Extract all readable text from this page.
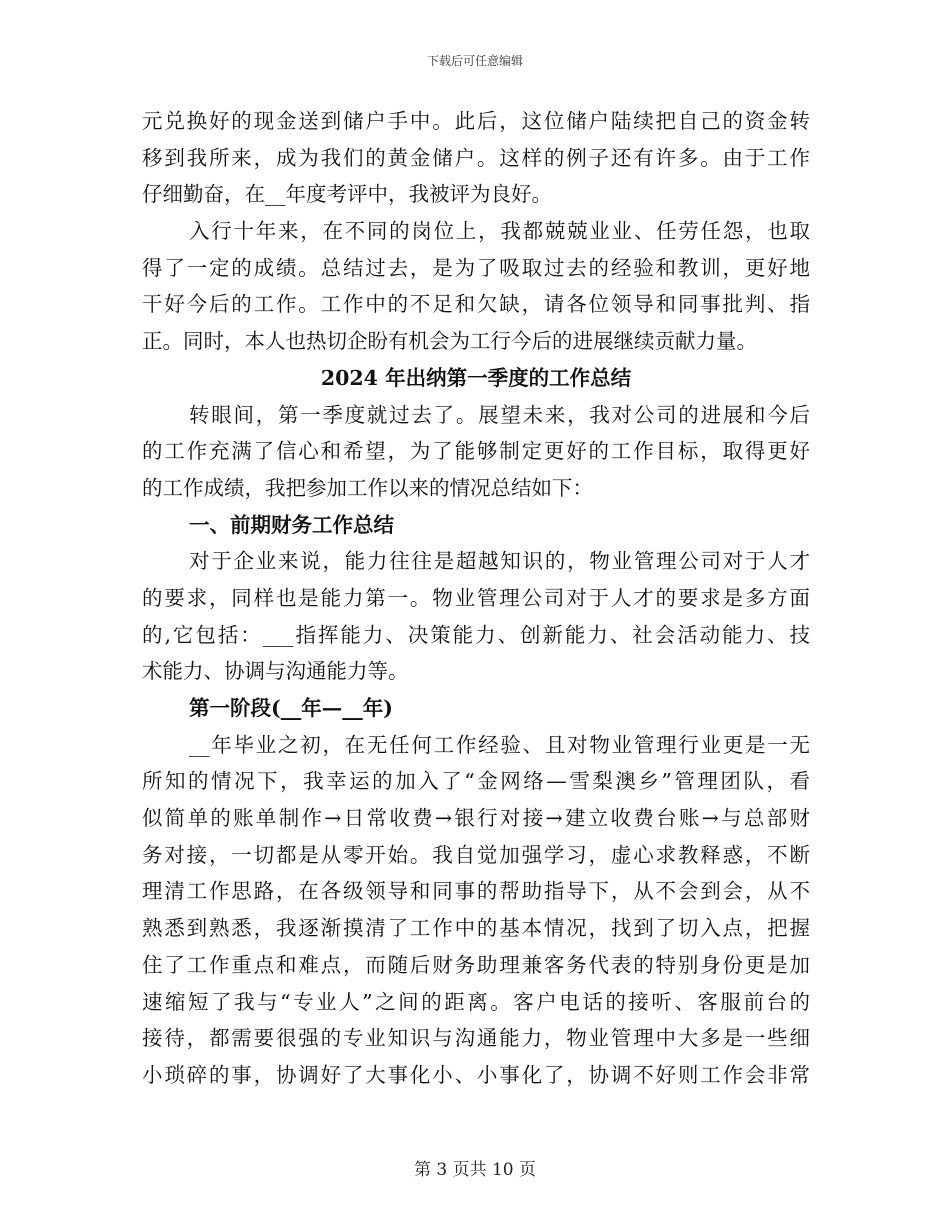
下载后可任意编辑
元兑换好的现金送到储户手中。此后，这位储户陆续把自己的资金转
移到我所来，成为我们的黄金储户。这样的例子还有许多。由于工作
仔细勤奋，在__年度考评中，我被评为良好。
入行十年来，在不同的岗位上，我都兢兢业业、任劳任怨，也取
得了一定的成绩。总结过去，是为了吸取过去的经验和教训，更好地
干好今后的工作。工作中的不足和欠缺，请各位领导和同事批判、指
正。同时，本人也热切企盼有机会为工行今后的进展继续贡献力量。
2024 年出纳第一季度的工作总结
转眼间，第一季度就过去了。展望未来，我对公司的进展和今后
的工作充满了信心和希望，为了能够制定更好的工作目标，取得更好
的工作成绩，我把参加工作以来的情况总结如下：
一、前期财务工作总结
对于企业来说，能力往往是超越知识的，物业管理公司对于人才
的要求，同样也是能力第一。物业管理公司对于人才的要求是多方面
的,它包括：___指挥能力、决策能力、创新能力、社会活动能力、技
术能力、协调与沟通能力等。
第一阶段(__年—__年)
__年毕业之初，在无任何工作经验、且对物业管理行业更是一无
所知的情况下，我幸运的加入了“金网络—雪梨澳乡”管理团队，看
似简单的账单制作→日常收费→银行对接→建立收费台账→与总部财
务对接，一切都是从零开始。我自觉加强学习，虚心求教释惑，不断
理清工作思路，在各级领导和同事的帮助指导下，从不会到会，从不
熟悉到熟悉，我逐渐摸清了工作中的基本情况，找到了切入点，把握
住了工作重点和难点，而随后财务助理兼客务代表的特别身份更是加
速缩短了我与“专业人”之间的距离。客户电话的接听、客服前台的
接待，都需要很强的专业知识与沟通能力，物业管理中大多是一些细
小琐碎的事，协调好了大事化小、小事化了，协调不好则工作会非常
第 3 页共 10 页
